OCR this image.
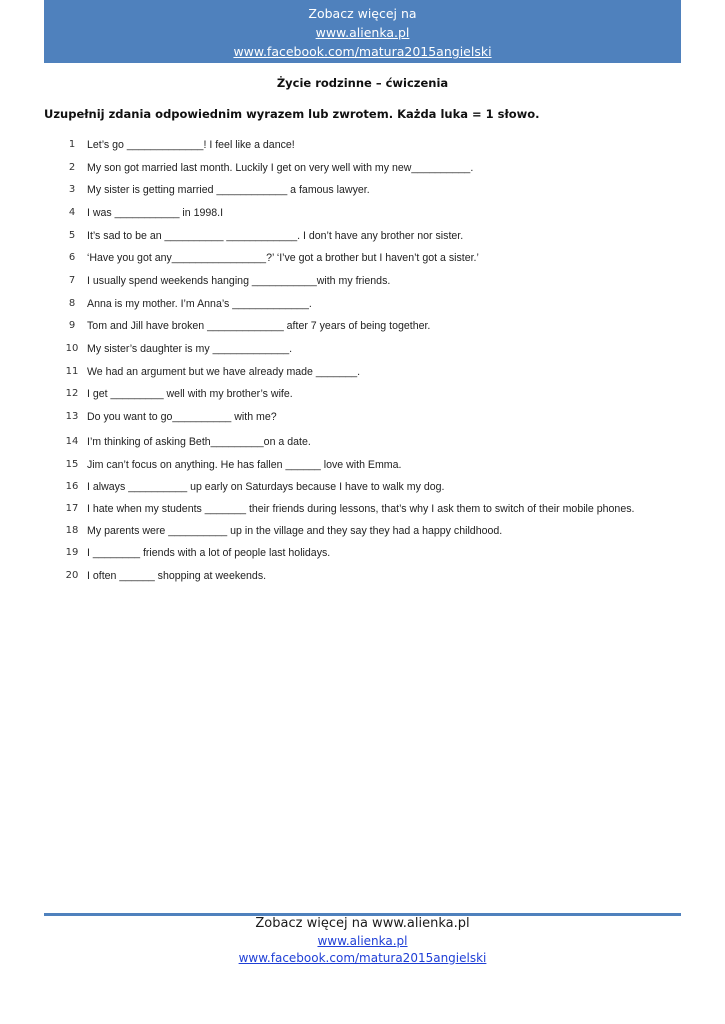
Zobacz więcej na
www.alienka.pl
www.facebook.com/matura2015angielski
Życie rodzinne – ćwiczenia
Uzupełnij zdania odpowiednim wyrazem lub zwrotem. Każda luka = 1 słowo.
1	Let’s go _____________! I feel like a dance!
2	My son got married last month. Luckily I get on very well with my new__________.
3	My sister is getting married ____________ a famous lawyer.
4	I was ___________ in 1998.I
5	It’s sad to be an __________ ____________. I don’t have any brother nor sister.
6	‘Have you got any________________?’ ‘I’ve got a brother but I haven’t got a sister.’
7	I usually spend weekends hanging ___________with my friends.
8	Anna is my mother. I’m Anna’s _____________.
9	Tom and Jill have broken _____________ after 7 years of being together.
10 My sister’s daughter is my _____________.
11 We had an argument but we have already made _______.
12 I get _________ well with my brother’s wife.
13 Do you want to go__________ with me?
14 I’m thinking of asking Beth_________on a date.
15 Jim can’t focus on anything. He has fallen ______ love with Emma.
16 I always __________ up early on Saturdays because I have to walk my dog.
17 I hate when my students _______ their friends during lessons, that’s why I ask them to switch of their mobile phones.
18 My parents were __________ up in the village and they say they had a happy childhood.
19 I ________ friends with a lot of people last holidays.
20 I often ______ shopping at weekends.
Zobacz więcej na www.alienka.pl
www.alienka.pl
www.facebook.com/matura2015angielski
